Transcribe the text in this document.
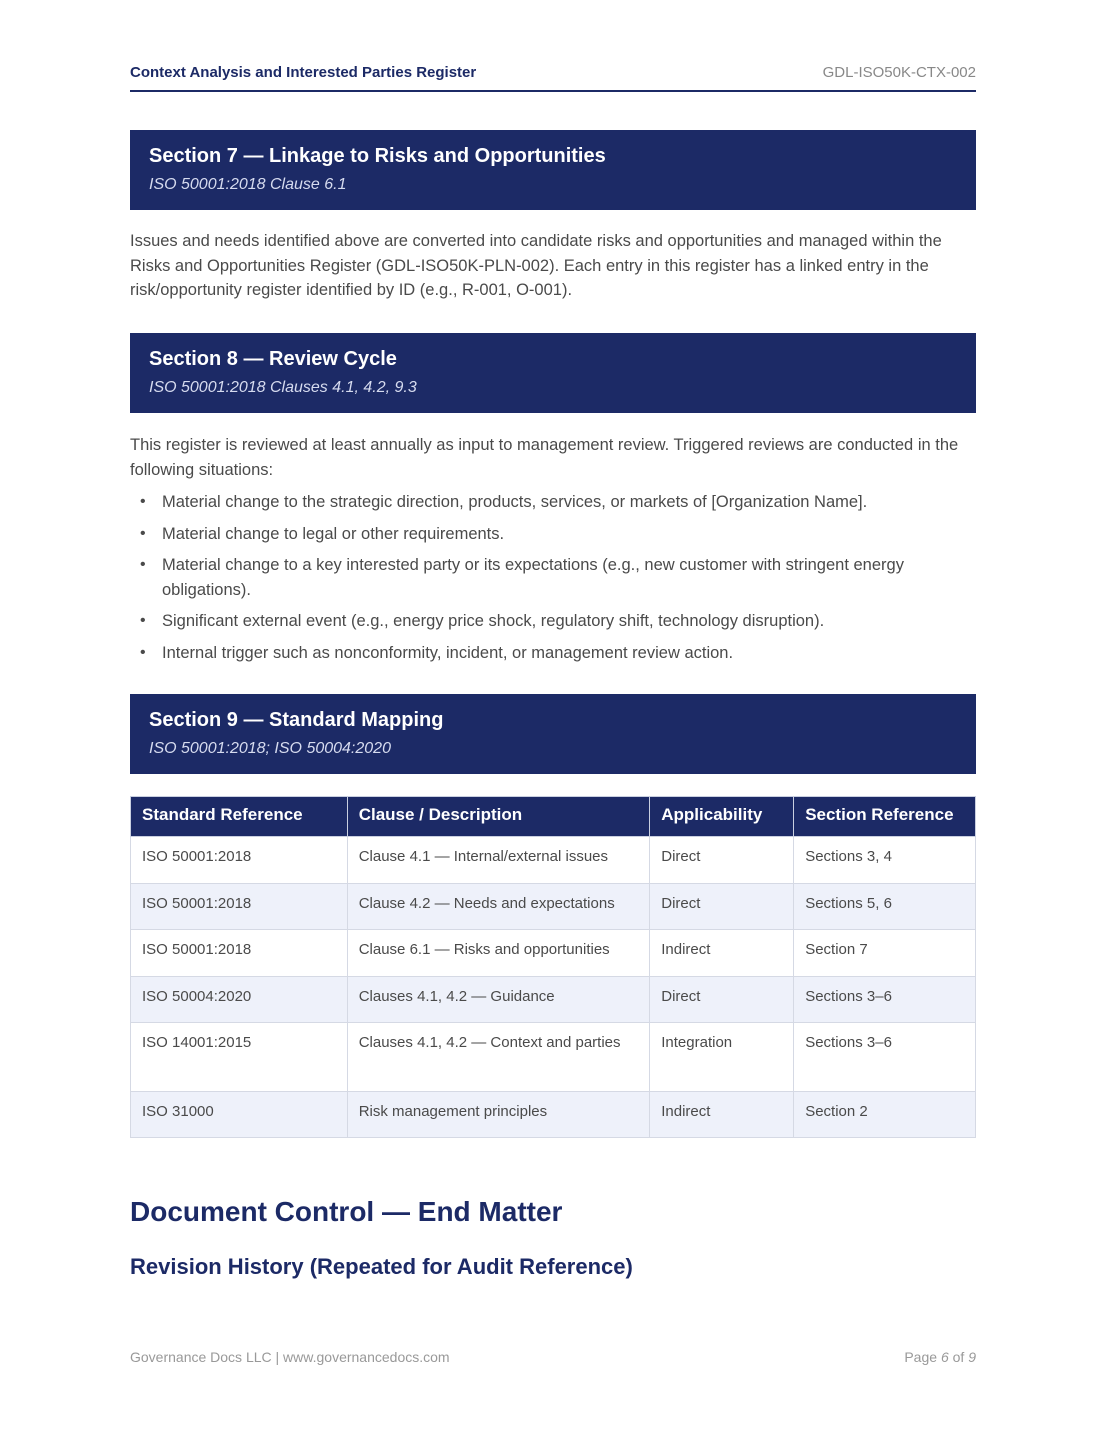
Context Analysis and Interested Parties Register	GDL-ISO50K-CTX-002
Section 7 — Linkage to Risks and Opportunities
ISO 50001:2018 Clause 6.1

Issues and needs identified above are converted into candidate risks and opportunities and managed within the Risks and Opportunities Register (GDL-ISO50K-PLN-002). Each entry in this register has a linked entry in the risk/opportunity register identified by ID (e.g., R-001, O-001).

Section 8 — Review Cycle
ISO 50001:2018 Clauses 4.1, 4.2, 9.3

This register is reviewed at least annually as input to management review. Triggered reviews are conducted in the following situations:

• Material change to the strategic direction, products, services, or markets of [Organization Name].
• Material change to legal or other requirements.
• Material change to a key interested party or its expectations (e.g., new customer with stringent energy obligations).
• Significant external event (e.g., energy price shock, regulatory shift, technology disruption).
• Internal trigger such as nonconformity, incident, or management review action.
Section 9 — Standard Mapping
ISO 50001:2018; ISO 50004:2020
Standard Reference	Clause / Description	Applicability	Section Reference
ISO 50001:2018	Clause 4.1 — Internal/external issues	Direct	Sections 3, 4
ISO 50001:2018	Clause 4.2 — Needs and expectations	Direct	Sections 5, 6
ISO 50001:2018	Clause 6.1 — Risks and opportunities	Indirect	Section 7
ISO 50004:2020	Clauses 4.1, 4.2 — Guidance	Direct	Sections 3–6
ISO 14001:2015	Clauses 4.1, 4.2 — Context and parties	Integration	Sections 3–6
ISO 31000	Risk management principles	Indirect	Section 2
Document Control — End Matter
Revision History (Repeated for Audit Reference)
Governance Docs LLC | www.governancedocs.com	Page 6 of 9
